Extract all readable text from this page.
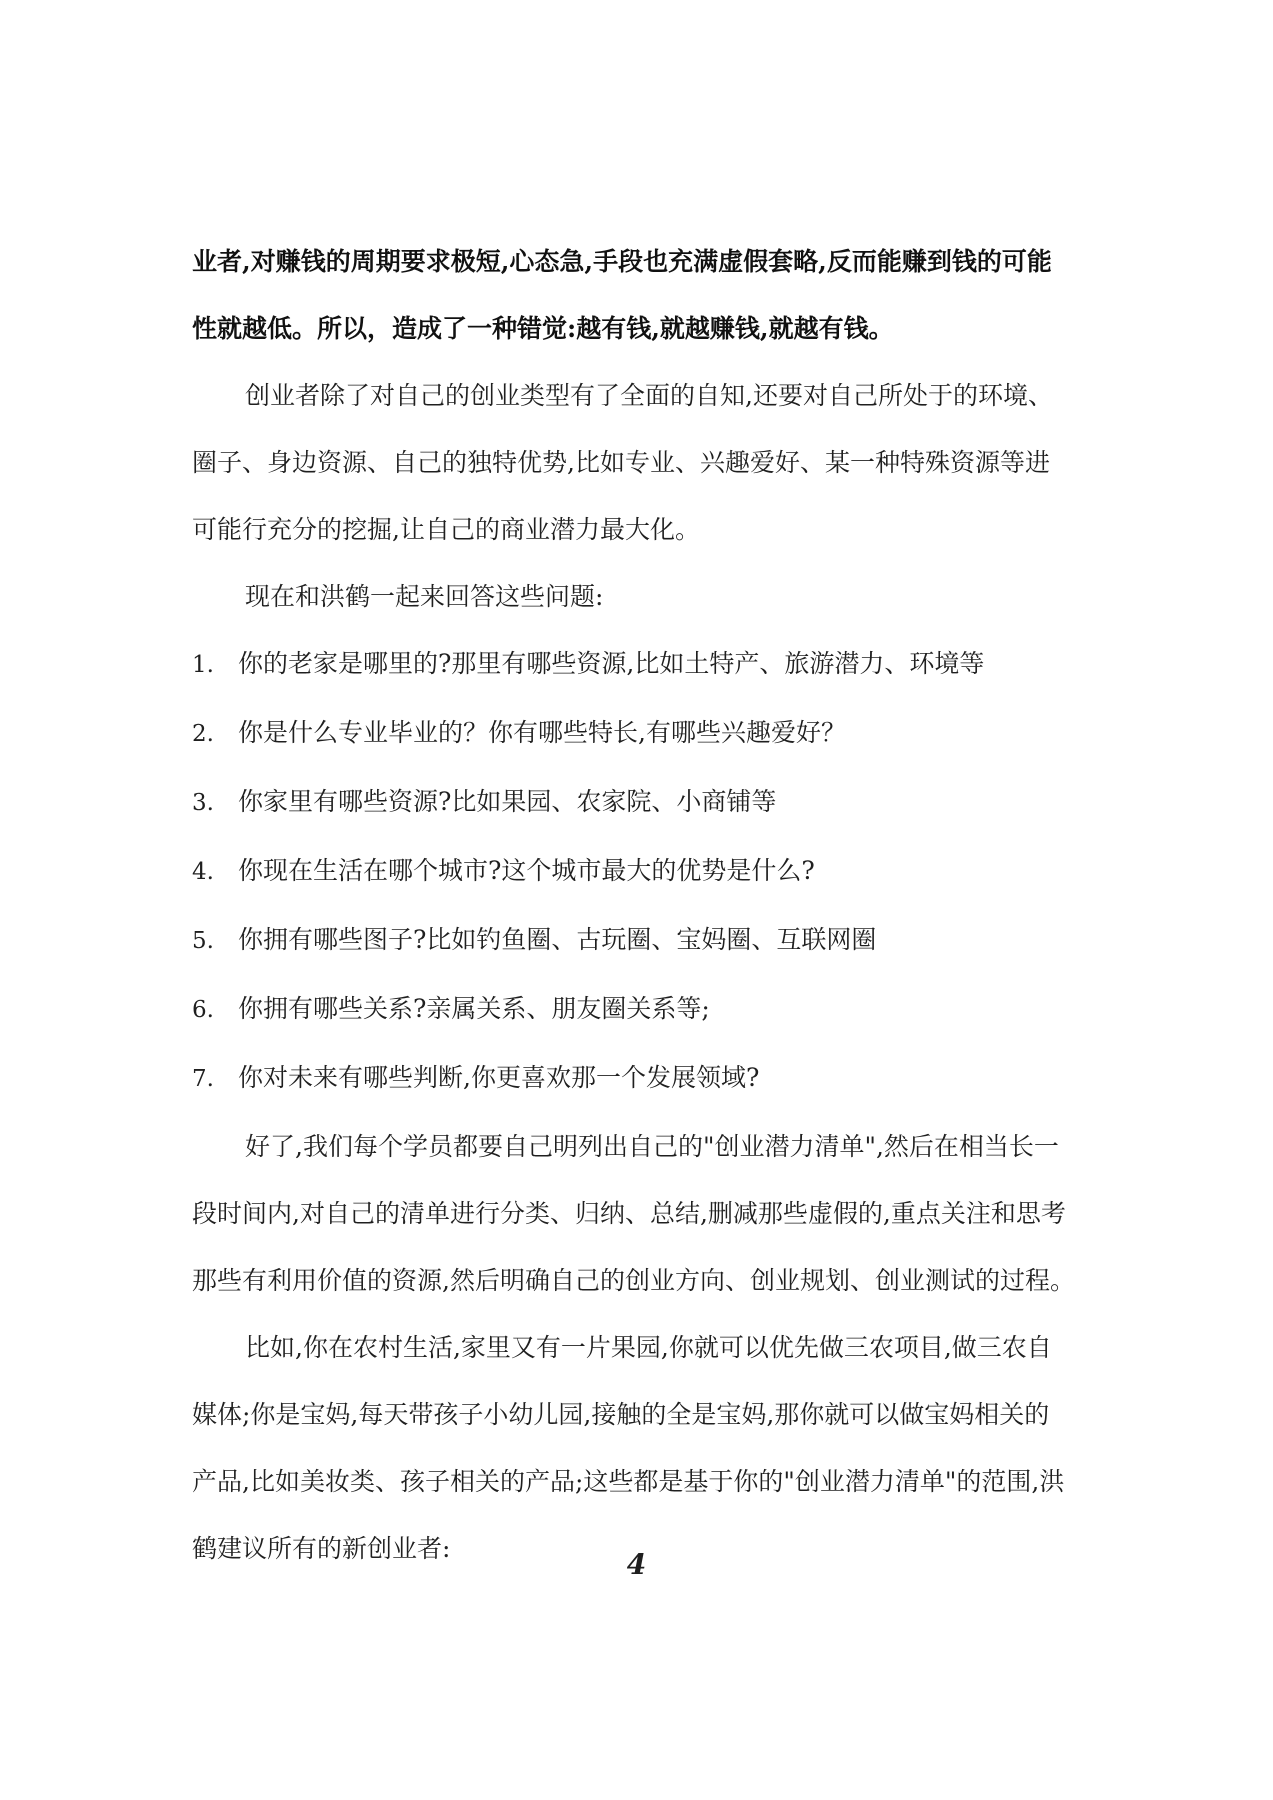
业者,对赚钱的周期要求极短,心态急,手段也充满虚假套略,反而能赚到钱的可能
性就越低。所以，造成了一种错觉:越有钱,就越赚钱,就越有钱。
创业者除了对自己的创业类型有了全面的自知,还要对自己所处于的环境、
圈子、身边资源、自己的独特优势,比如专业、兴趣爱好、某一种特殊资源等进
可能行充分的挖掘,让自己的商业潜力最大化。
现在和洪鹤一起来回答这些问题:
1. 你的老家是哪里的?那里有哪些资源,比如土特产、旅游潜力、环境等
2. 你是什么专业毕业的？你有哪些特长,有哪些兴趣爱好？
3. 你家里有哪些资源?比如果园、农家院、小商铺等
4. 你现在生活在哪个城市?这个城市最大的优势是什么?
5. 你拥有哪些图子?比如钓鱼圈、古玩圈、宝妈圈、互联网圈
6. 你拥有哪些关系?亲属关系、朋友圈关系等;
7. 你对未来有哪些判断,你更喜欢那一个发展领域?
好了,我们每个学员都要自己明列出自己的"创业潜力清单",然后在相当长一
段时间内,对自己的清单进行分类、归纳、总结,删减那些虚假的,重点关注和思考
那些有利用价值的资源,然后明确自己的创业方向、创业规划、创业测试的过程。
比如,你在农村生活,家里又有一片果园,你就可以优先做三农项目,做三农自
媒体;你是宝妈,每天带孩子小幼儿园,接触的全是宝妈,那你就可以做宝妈相关的
产品,比如美妆类、孩子相关的产品;这些都是基于你的"创业潜力清单"的范围,洪
鹤建议所有的新创业者:	4
